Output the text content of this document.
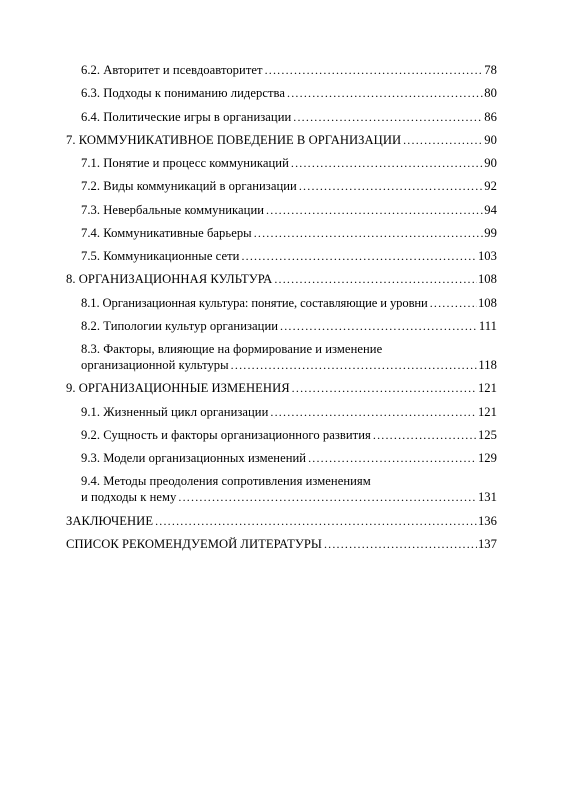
6.2. Авторитет и псевдоавторитет .....	78
6.3. Подходы к пониманию лидерства .....	80
6.4. Политические игры в организации .....	86
7. КОММУНИКАТИВНОЕ ПОВЕДЕНИЕ В ОРГАНИЗАЦИИ .....	90
7.1. Понятие и процесс коммуникаций .....	90
7.2. Виды коммуникаций в организации .....	92
7.3. Невербальные коммуникации .....	94
7.4. Коммуникативные барьеры .....	99
7.5. Коммуникационные сети .....	103
8. ОРГАНИЗАЦИОННАЯ КУЛЬТУРА .....	108
8.1. Организационная культура: понятие, составляющие и уровни .....	108
8.2. Типологии культур организации .....	111
8.3. Факторы, влияющие на формирование и изменение
организационной культуры .....	118
9. ОРГАНИЗАЦИОННЫЕ ИЗМЕНЕНИЯ .....	121
9.1. Жизненный цикл организации .....	121
9.2. Сущность и факторы организационного развития .....	125
9.3. Модели организационных изменений .....	129
9.4. Методы преодоления сопротивления изменениям
и подходы к нему .....	131
ЗАКЛЮЧЕНИЕ .....	136
СПИСОК РЕКОМЕНДУЕМОЙ ЛИТЕРАТУРЫ .....	137
